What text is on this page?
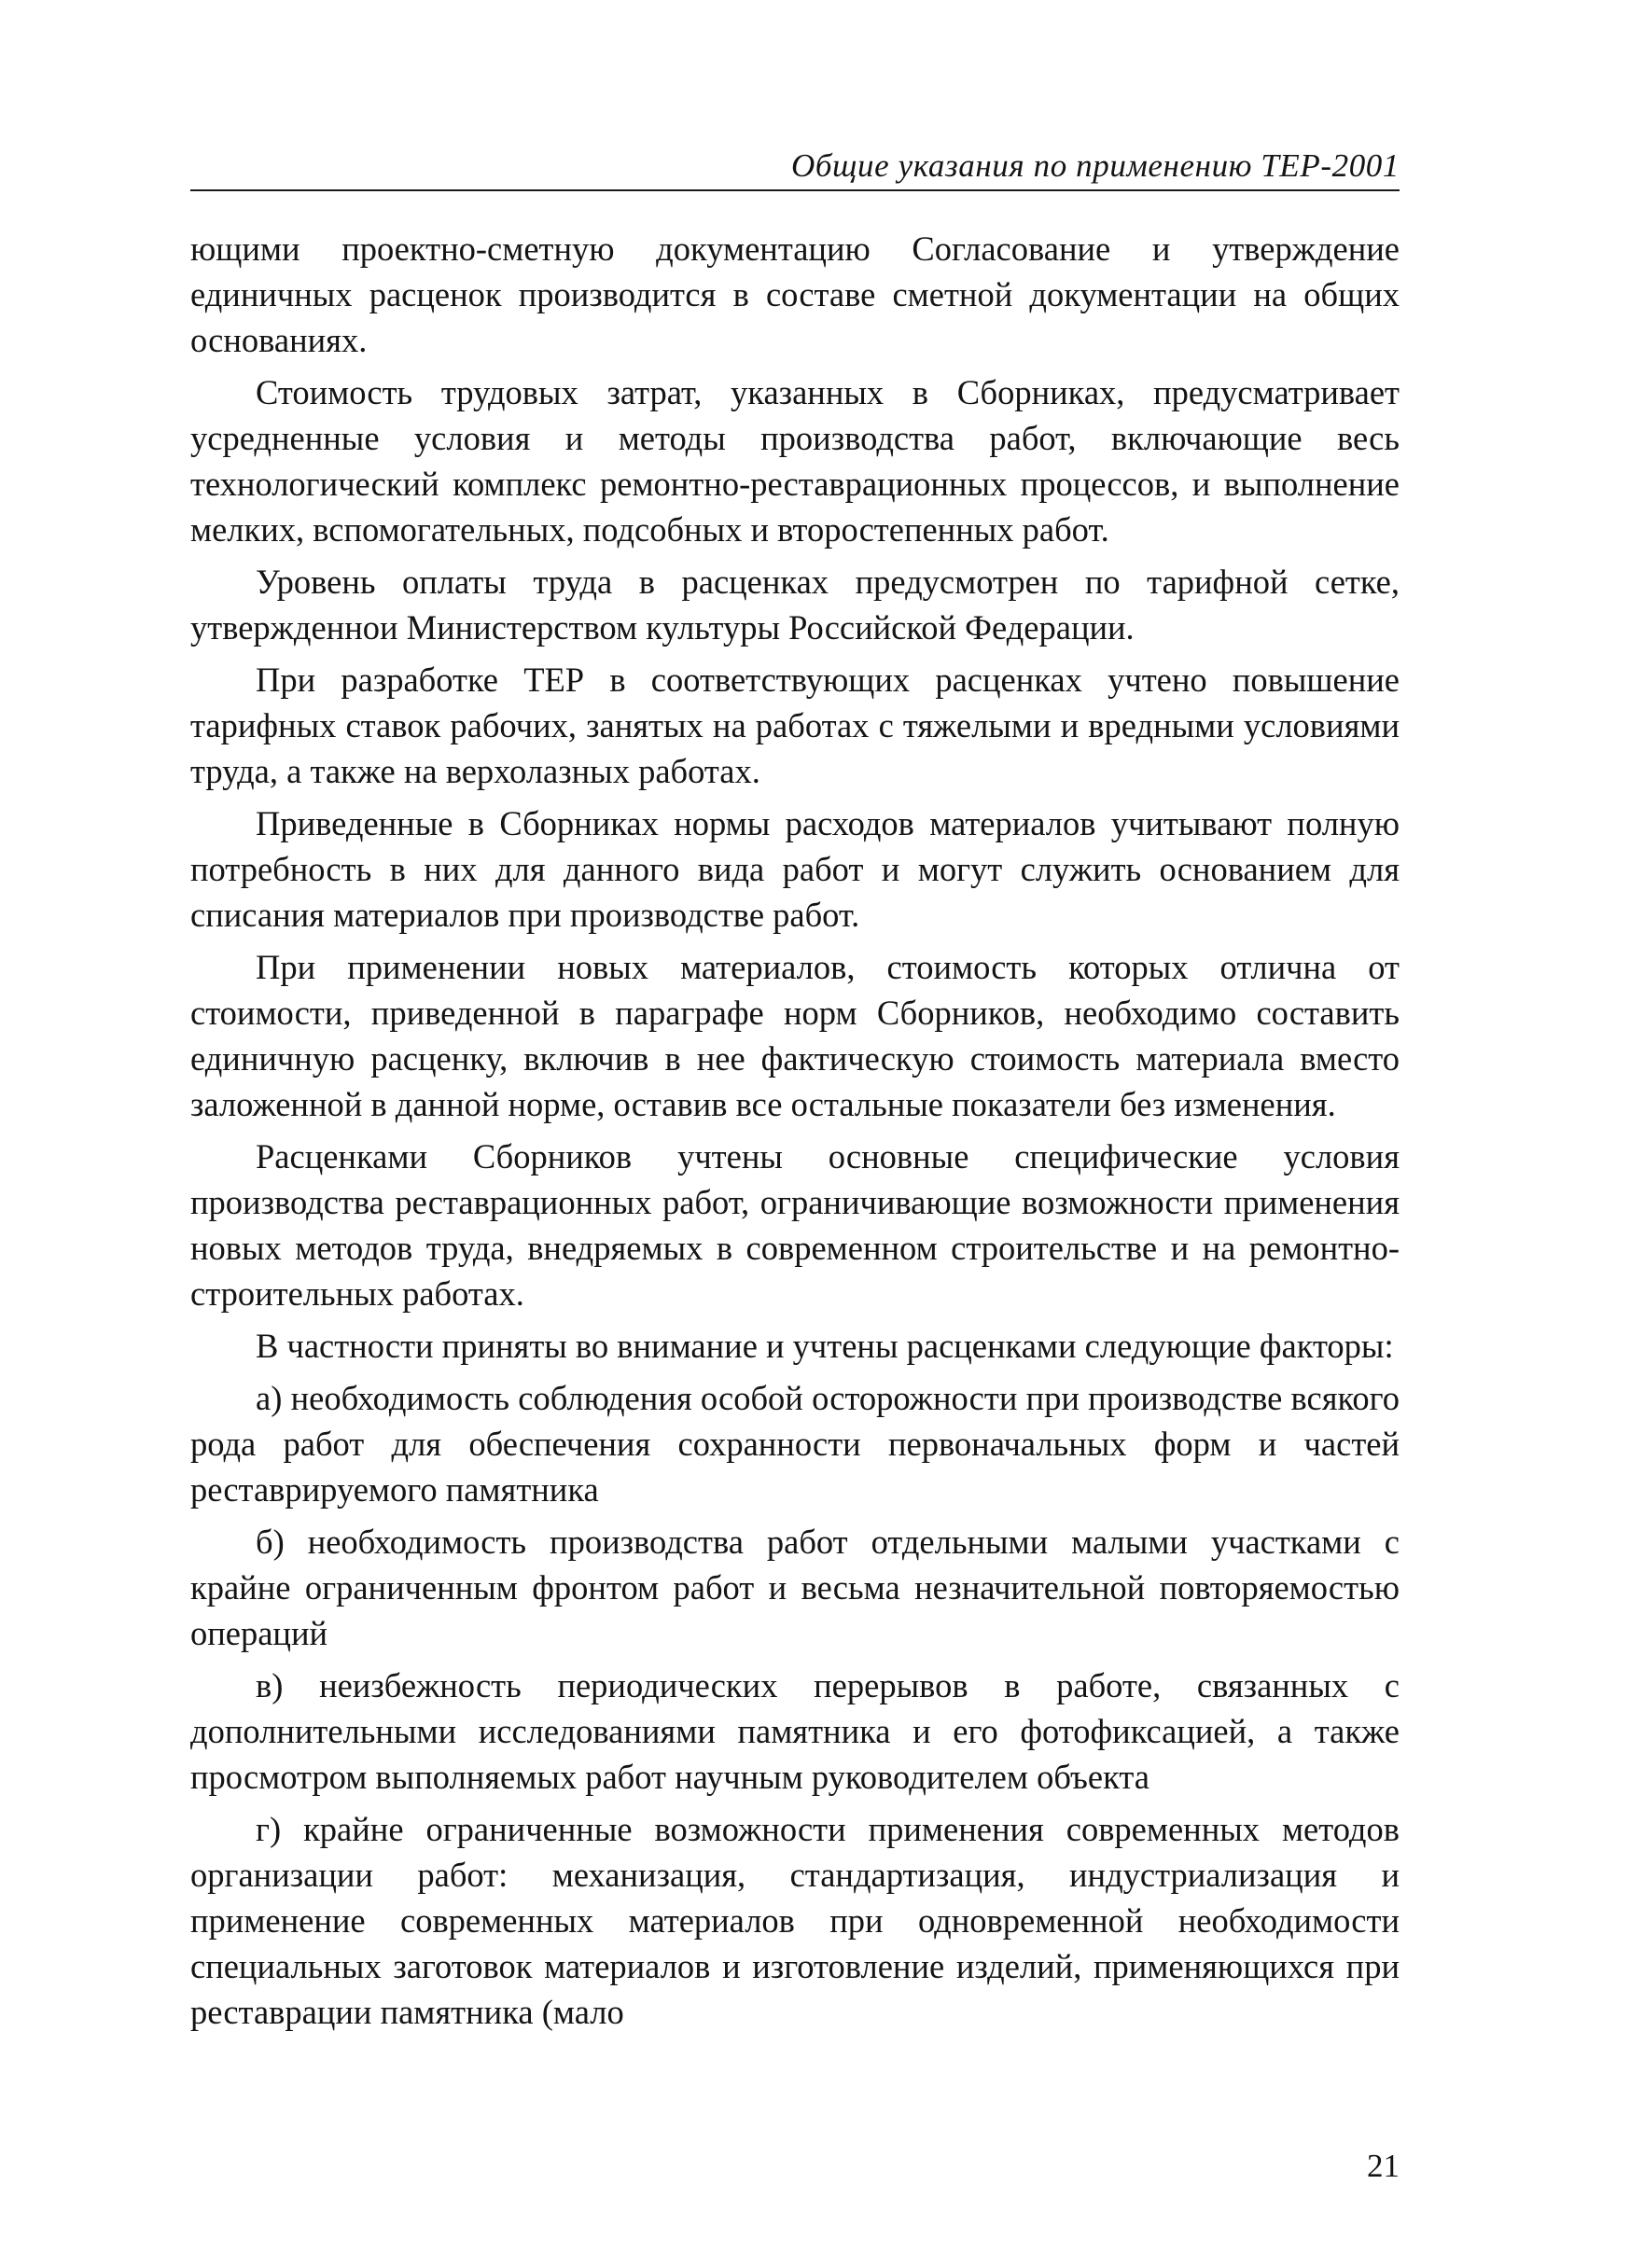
Общие указания по применению ТЕР-2001

ющими проектно-сметную документацию Согласование и утверждение единичных расценок производится в составе сметной документации на общих основаниях.

Стоимость трудовых затрат, указанных в Сборниках, предусматривает усредненные условия и методы производства работ, включающие весь технологический комплекс ремонтно-реставрационных процессов, и выполнение мелких, вспомогательных, подсобных и второстепенных работ.

Уровень оплаты труда в расценках предусмотрен по тарифной сетке, утвержденнои Министерством культуры Российской Федерации.

При разработке ТЕР в соответствующих расценках учтено повышение тарифных ставок рабочих, занятых на работах с тяжелыми и вредными условиями труда, а также на верхолазных работах.

Приведенные в Сборниках нормы расходов материалов учитывают полную потребность в них для данного вида работ и могут служить основанием для списания материалов при производстве работ.

При применении новых материалов, стоимость которых отлична от стоимости, приведенной в параграфе норм Сборников, необходимо составить единичную расценку, включив в нее фактическую стоимость материала вместо заложенной в данной норме, оставив все остальные показатели без изменения.

Расценками Сборников учтены основные специфические условия производства реставрационных работ, ограничивающие возможности применения новых методов труда, внедряемых в современном строительстве и на ремонтно-строительных работах.

В частности приняты во внимание и учтены расценками следующие факторы:

а) необходимость соблюдения особой осторожности при производстве всякого рода работ для обеспечения сохранности первоначальных форм и частей реставрируемого памятника

б) необходимость производства работ отдельными малыми участками с крайне ограниченным фронтом работ и весьма незначительной повторяемостью операций

в) неизбежность периодических перерывов в работе, связанных с дополнительными исследованиями памятника и его фотофиксацией, а также просмотром выполняемых работ научным руководителем объекта

г) крайне ограниченные возможности применения современных методов организации работ: механизация, стандартизация, индустриализация и применение современных материалов при одновременной необходимости специальных заготовок материалов и изготовление изделий, применяющихся при реставрации памятника (мало

21
